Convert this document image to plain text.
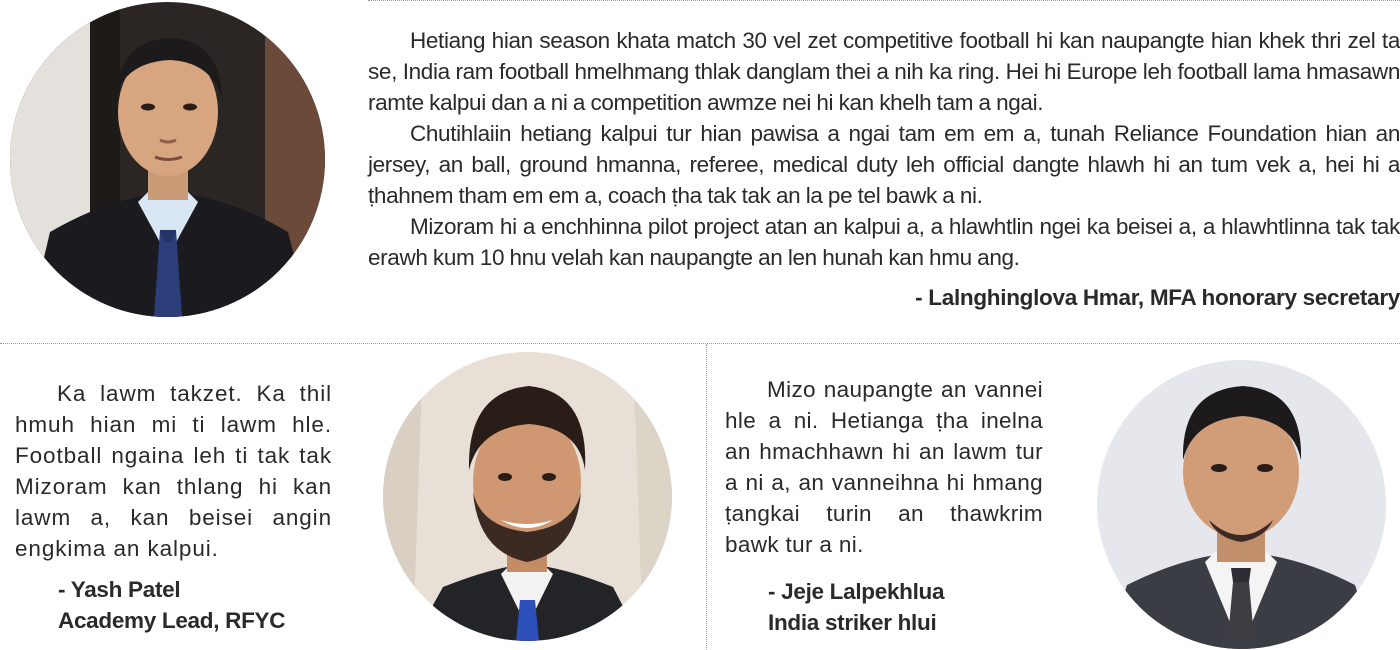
Hetiang hian season khata match 30 vel zet competitive football hi kan naupangte hian khek thri zel ta se, India ram football hmelhmang thlak danglam thei a nih ka ring. Hei hi Europe leh football lama hmasawn ramte kalpui dan a ni a competition awmze nei hi kan khelh tam a ngai.

Chutihlaiin hetiang kalpui tur hian pawisa a ngai tam em em a, tunah Reliance Foundation hian an jersey, an ball, ground hmanna, referee, medical duty leh official dangte hlawh hi an tum vek a, hei hi a ṭhahnem tham em em a, coach ṭha tak tak an la pe tel bawk a ni.

Mizoram hi a enchhinna pilot project atan an kalpui a, a hlawhtlin ngei ka beisei a, a hlawhtlinna tak tak erawh kum 10 hnu velah kan naupangte an len hunah kan hmu ang.

- Lalnghinglova Hmar, MFA honorary secretary

Ka lawm takzet. Ka thil hmuh hian mi ti lawm hle. Football ngaina leh ti tak tak Mizoram kan thlang hi kan lawm a, kan beisei angin engkima an kalpui.

- Yash Patel
Academy Lead, RFYC

Mizo naupangte an vannei hle a ni. Hetianga ṭha inelna an hmachhawn hi an lawm tur a ni a, an vanneihna hi hmang ṭangkai turin an thawkrim bawk tur a ni.

- Jeje Lalpekhlua
India striker hlui
